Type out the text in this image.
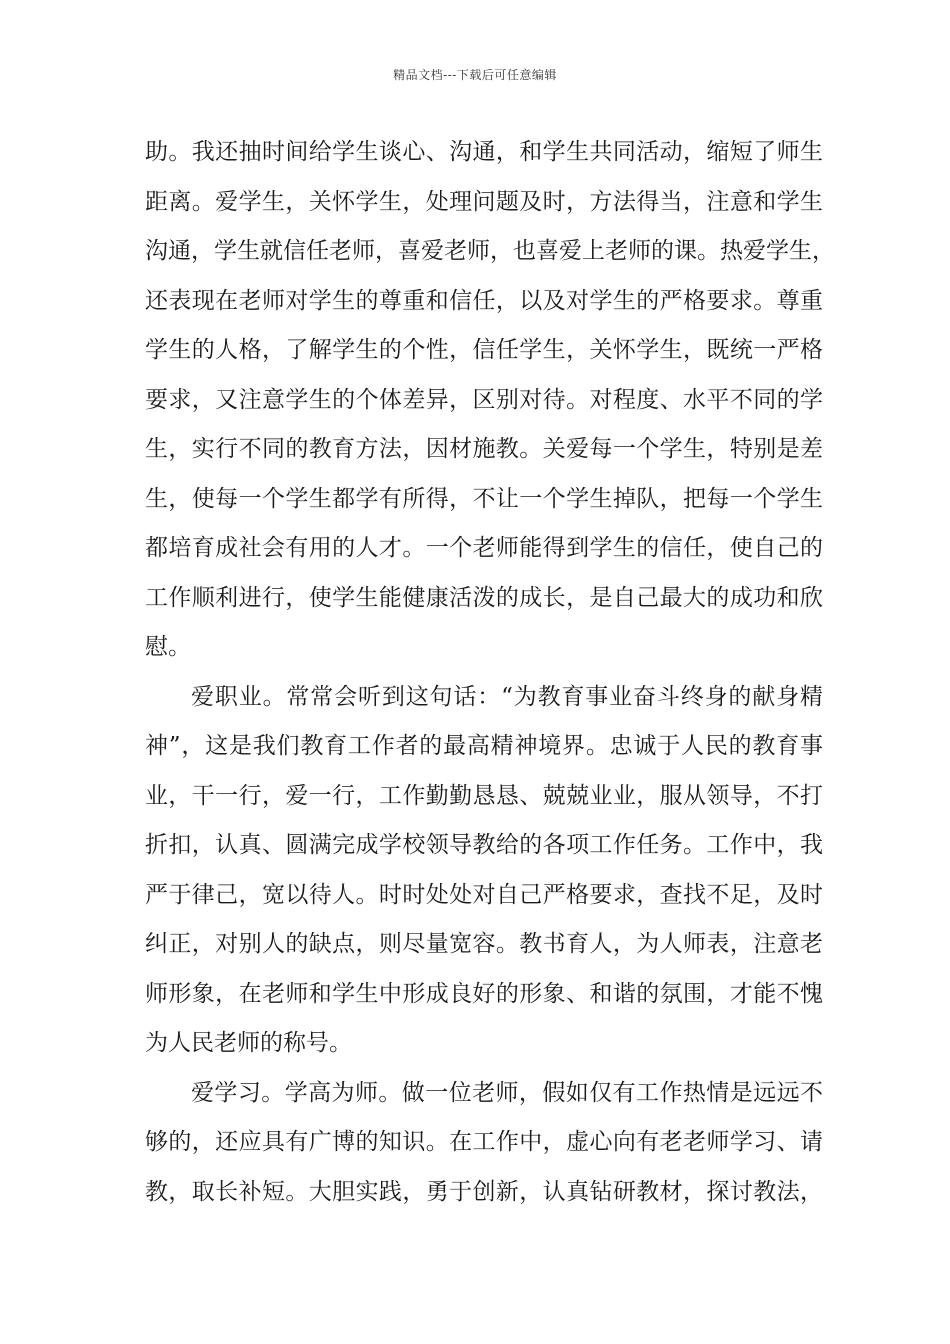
精品文档---下载后可任意编辑
助。我还抽时间给学生谈心、沟通，和学生共同活动，缩短了师生
距离。爱学生，关怀学生，处理问题及时，方法得当，注意和学生
沟通，学生就信任老师，喜爱老师，也喜爱上老师的课。热爱学生，
还表现在老师对学生的尊重和信任，以及对学生的严格要求。尊重
学生的人格，了解学生的个性，信任学生，关怀学生，既统一严格
要求，又注意学生的个体差异，区别对待。对程度、水平不同的学
生，实行不同的教育方法，因材施教。关爱每一个学生，特别是差
生，使每一个学生都学有所得，不让一个学生掉队，把每一个学生
都培育成社会有用的人才。一个老师能得到学生的信任，使自己的
工作顺利进行，使学生能健康活泼的成长，是自己最大的成功和欣
慰。
爱职业。常常会听到这句话：“为教育事业奋斗终身的献身精
神”，这是我们教育工作者的最高精神境界。忠诚于人民的教育事
业，干一行，爱一行，工作勤勤恳恳、兢兢业业，服从领导，不打
折扣，认真、圆满完成学校领导教给的各项工作任务。工作中，我
严于律己，宽以待人。时时处处对自己严格要求，查找不足，及时
纠正，对别人的缺点，则尽量宽容。教书育人，为人师表，注意老
师形象，在老师和学生中形成良好的形象、和谐的氛围，才能不愧
为人民老师的称号。
爱学习。学高为师。做一位老师，假如仅有工作热情是远远不
够的，还应具有广博的知识。在工作中，虚心向有老老师学习、请
教，取长补短。大胆实践，勇于创新，认真钻研教材，探讨教法，
